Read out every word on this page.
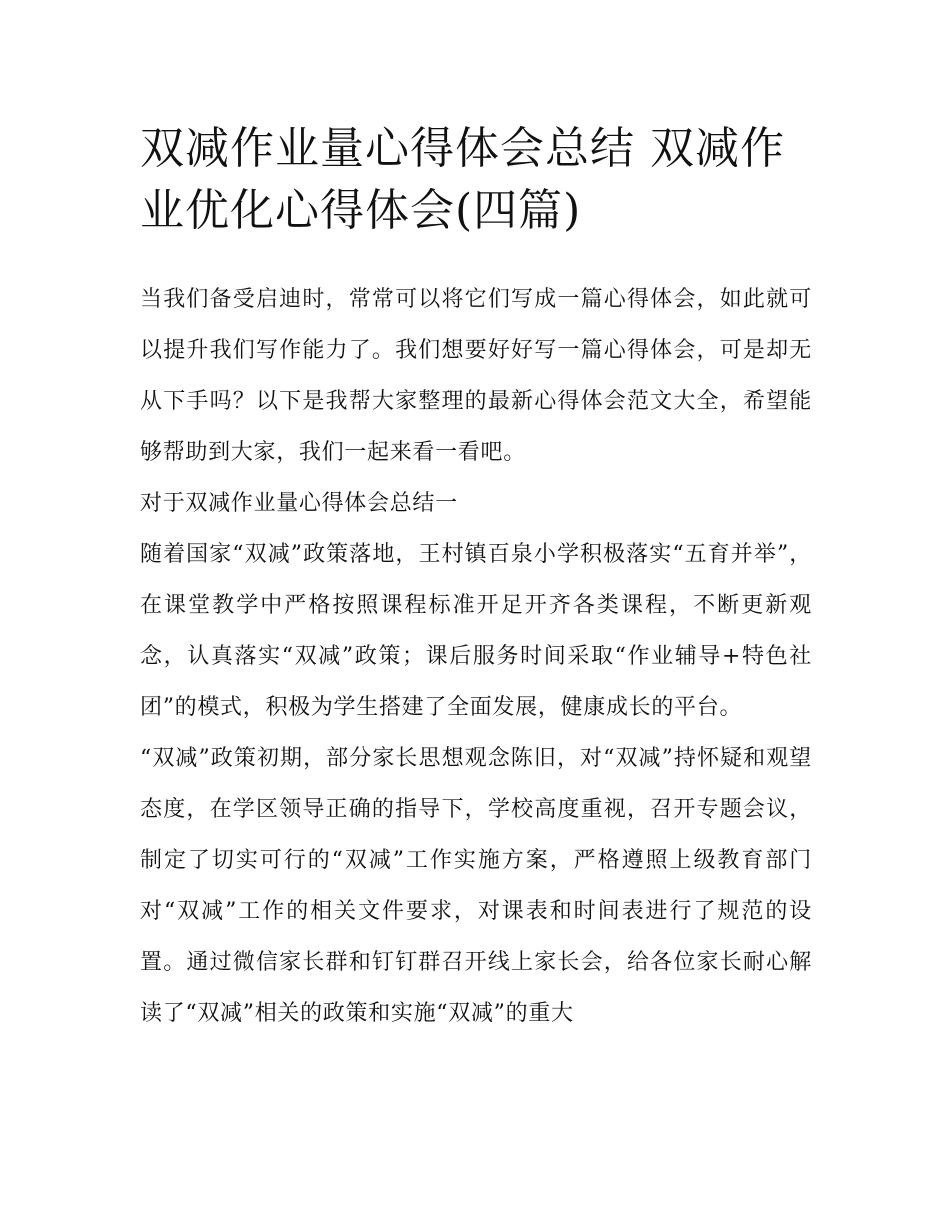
双减作业量心得体会总结 双减作业优化心得体会(四篇)

当我们备受启迪时，常常可以将它们写成一篇心得体会，如此就可以提升我们写作能力了。我们想要好好写一篇心得体会，可是却无从下手吗？以下是我帮大家整理的最新心得体会范文大全，希望能够帮助到大家，我们一起来看一看吧。

对于双减作业量心得体会总结一

随着国家“双减”政策落地，王村镇百泉小学积极落实“五育并举”，在课堂教学中严格按照课程标准开足开齐各类课程，不断更新观念，认真落实“双减”政策；课后服务时间采取“作业辅导+特色社团”的模式，积极为学生搭建了全面发展，健康成长的平台。

“双减”政策初期，部分家长思想观念陈旧，对“双减”持怀疑和观望态度，在学区领导正确的指导下，学校高度重视，召开专题会议，制定了切实可行的“双减”工作实施方案，严格遵照上级教育部门对“双减”工作的相关文件要求，对课表和时间表进行了规范的设置。通过微信家长群和钉钉群召开线上家长会，给各位家长耐心解读了“双减”相关的政策和实施“双减”的重大
